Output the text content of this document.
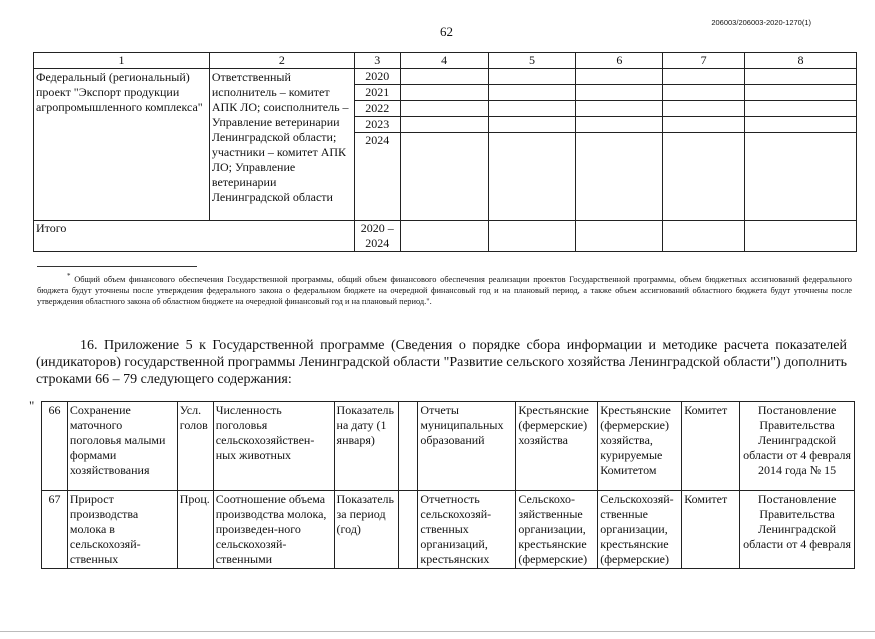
62
206003/206003-2020-1270(1)
1	2	3	4	5	6	7	8
Федеральный (региональный) проект "Экспорт продукции агропромышленного комплекса"	Ответственный исполнитель – комитет АПК ЛО; соисполнитель – Управление ветеринарии Ленинградской области; участники – комитет АПК ЛО; Управление ветеринарии Ленинградской области	2020					
		2021					
		2022					
		2023					
		2024					
Итого		2020 –
2024					

* Общий объем финансового обеспечения Государственной программы, общий объем финансового обеспечения реализации проектов Государственной программы, объем бюджетных ассигнований федерального бюджета будут уточнены после утверждения федерального закона о федеральном бюджете на очередной финансовый год и на плановый период, а также объем ассигнований областного бюджета будут уточнены после утверждения областного закона об областном бюджете на очередной финансовый год и на плановый период.".
16. Приложение 5 к Государственной программе (Сведения о порядке сбора информации и методике расчета показателей (индикаторов) государственной программы Ленинградской области "Развитие сельского хозяйства Ленинградской области") дополнить строками 66 – 79 следующего содержания:
" 66	Сохранение маточного поголовья малыми формами хозяйствования	Усл. голов	Численность поголовья сельскохозяйствен-ных животных	Показатель на дату (1 января)		Отчеты муниципальных образований	Крестьянские (фермерские) хозяйства	Крестьянские (фермерские) хозяйства, курируемые Комитетом	Комитет	Постановление Правительства Ленинградской области от 4 февраля 2014 года № 15
67	Прирост производства молока в сельскохозяй-ственных	Проц.	Соотношение объема производства молока, произведен-ного сельскохозяй-ственными	Показатель за период (год)		Отчетность сельскохозяй-ственных организаций, крестьянских	Сельскохо-зяйственные организации, крестьянские (фермерские)	Сельскохозяй-ственные организации, крестьянские (фермерские)	Комитет	Постановление Правительства Ленинградской области от 4 февраля
